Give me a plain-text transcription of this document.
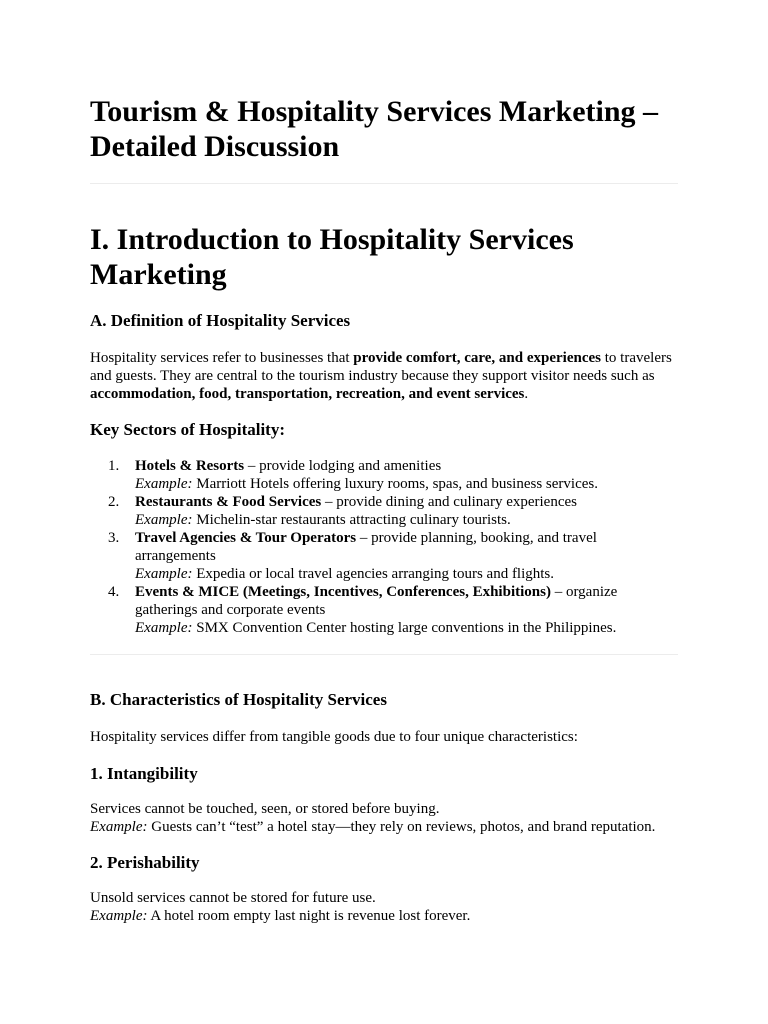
Tourism & Hospitality Services Marketing –
Detailed Discussion
I. Introduction to Hospitality Services
Marketing
A. Definition of Hospitality Services

Hospitality services refer to businesses that provide comfort, care, and experiences to travelers and guests. They are central to the tourism industry because they support visitor needs such as accommodation, food, transportation, recreation, and event services.

Key Sectors of Hospitality:
1. Hotels & Resorts – provide lodging and amenities
Example: Marriott Hotels offering luxury rooms, spas, and business services.
2. Restaurants & Food Services – provide dining and culinary experiences
Example: Michelin-star restaurants attracting culinary tourists.
3. Travel Agencies & Tour Operators – provide planning, booking, and travel arrangements
Example: Expedia or local travel agencies arranging tours and flights.
4. Events & MICE (Meetings, Incentives, Conferences, Exhibitions) – organize gatherings and corporate events
Example: SMX Convention Center hosting large conventions in the Philippines.
B. Characteristics of Hospitality Services

Hospitality services differ from tangible goods due to four unique characteristics:

1. Intangibility

Services cannot be touched, seen, or stored before buying.
Example: Guests can’t “test” a hotel stay—they rely on reviews, photos, and brand reputation.

2. Perishability

Unsold services cannot be stored for future use.
Example: A hotel room empty last night is revenue lost forever.
